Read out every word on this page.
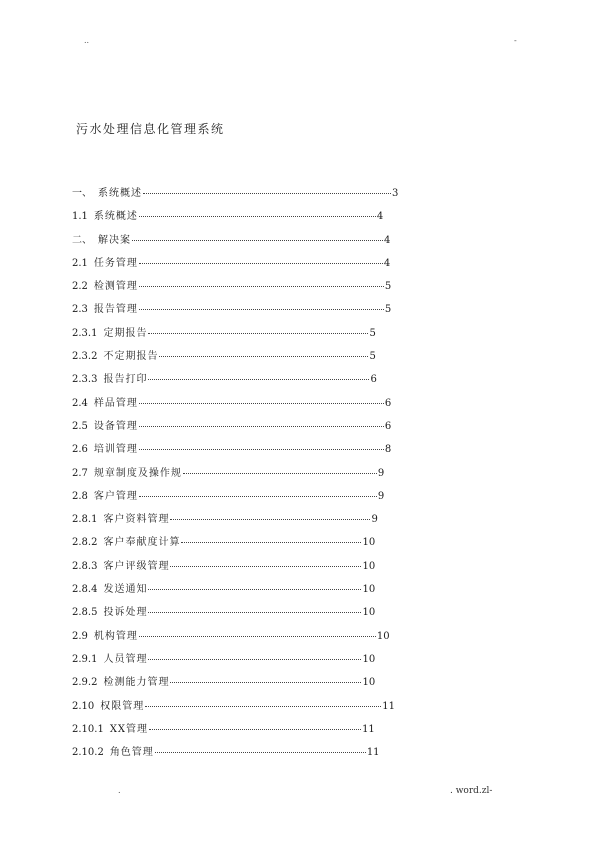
..	-
污水处理信息化管理系统
一、 系统概述	3
1.1 系统概述	4
二、 解决案	4
2.1 任务管理	4
2.2 检测管理	5
2.3 报告管理	5
2.3.1 定期报告	5
2.3.2 不定期报告	5
2.3.3 报告打印	6
2.4 样品管理	6
2.5 设备管理	6
2.6 培训管理	8
2.7 规章制度及操作规	9
2.8 客户管理	9
2.8.1 客户资料管理	9
2.8.2 客户奉献度计算	10
2.8.3 客户评级管理	10
2.8.4 发送通知	10
2.8.5 投诉处理	10
2.9 机构管理	10
2.9.1 人员管理	10
2.9.2 检测能力管理	10
2.10 权限管理	11
2.10.1 XX管理	11
2.10.2 角色管理	11
.	. word.zl-
